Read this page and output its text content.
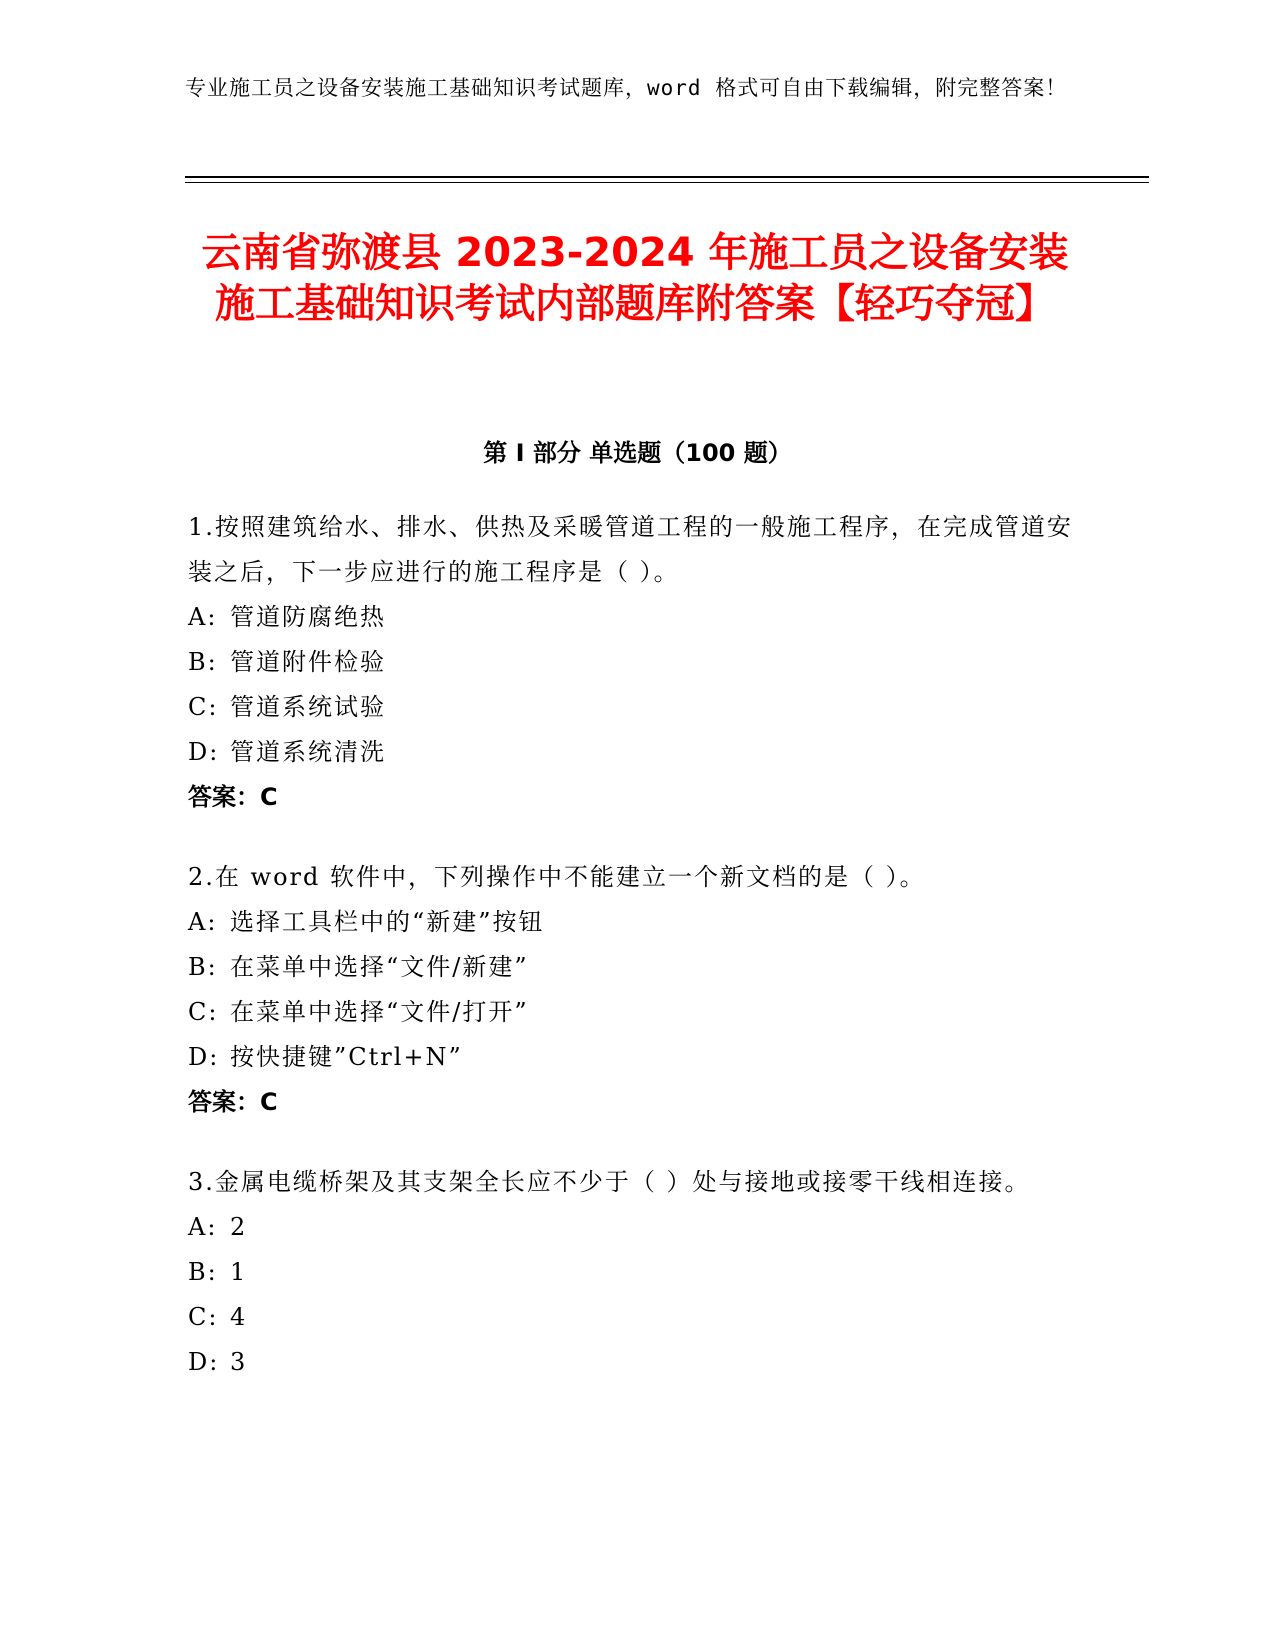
专业施工员之设备安装施工基础知识考试题库，word 格式可自由下载编辑，附完整答案！
云南省弥渡县 2023-2024 年施工员之设备安装施工基础知识考试内部题库附答案【轻巧夺冠】
第 I 部分 单选题（100 题）
1.按照建筑给水、排水、供热及采暖管道工程的一般施工程序，在完成管道安装之后，下一步应进行的施工程序是（ ）。
A: 管道防腐绝热
B: 管道附件检验
C: 管道系统试验
D: 管道系统清洗
答案：C
2.在 word 软件中，下列操作中不能建立一个新文档的是（ ）。
A: 选择工具栏中的“新建”按钮
B: 在菜单中选择“文件/新建”
C: 在菜单中选择“文件/打开”
D: 按快捷键”Ctrl+N”
答案：C
3.金属电缆桥架及其支架全长应不少于（ ）处与接地或接零干线相连接。
A: 2
B: 1
C: 4
D: 3
